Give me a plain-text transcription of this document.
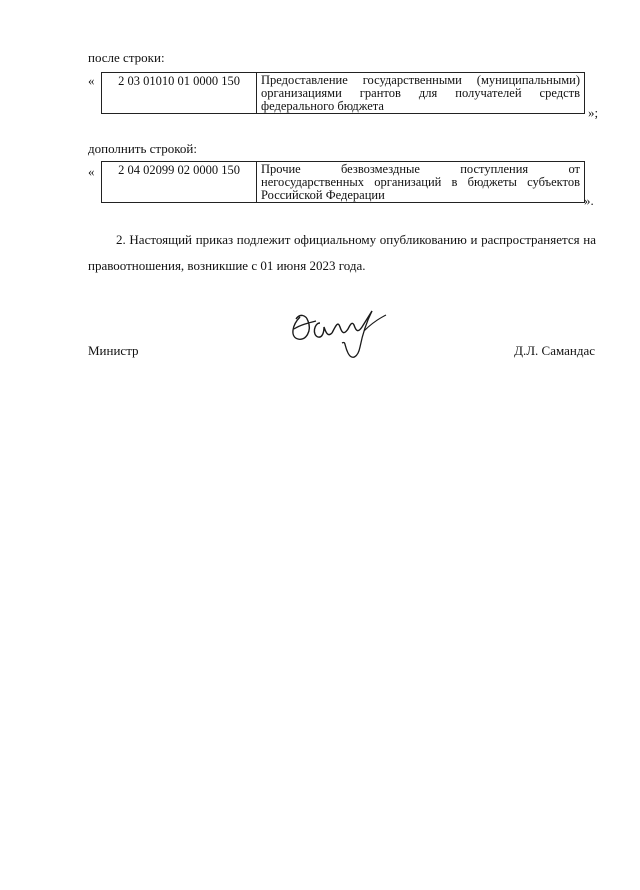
после строки:
« 2 03 01010 01 0000 150	Предоставление государственными (муниципальными)
организациями грантов для получателей средств
федерального бюджета	»;
дополнить строкой:
« 2 04 02099 02 0000 150	Прочие безвозмездные поступления от
негосударственных организаций в бюджеты субъектов
Российской Федерации	».

2. Настоящий приказ подлежит официальному опубликованию и распространяется на

правоотношения, возникшие с 01 июня 2023 года.
Министр	Д.Л. Самандас
